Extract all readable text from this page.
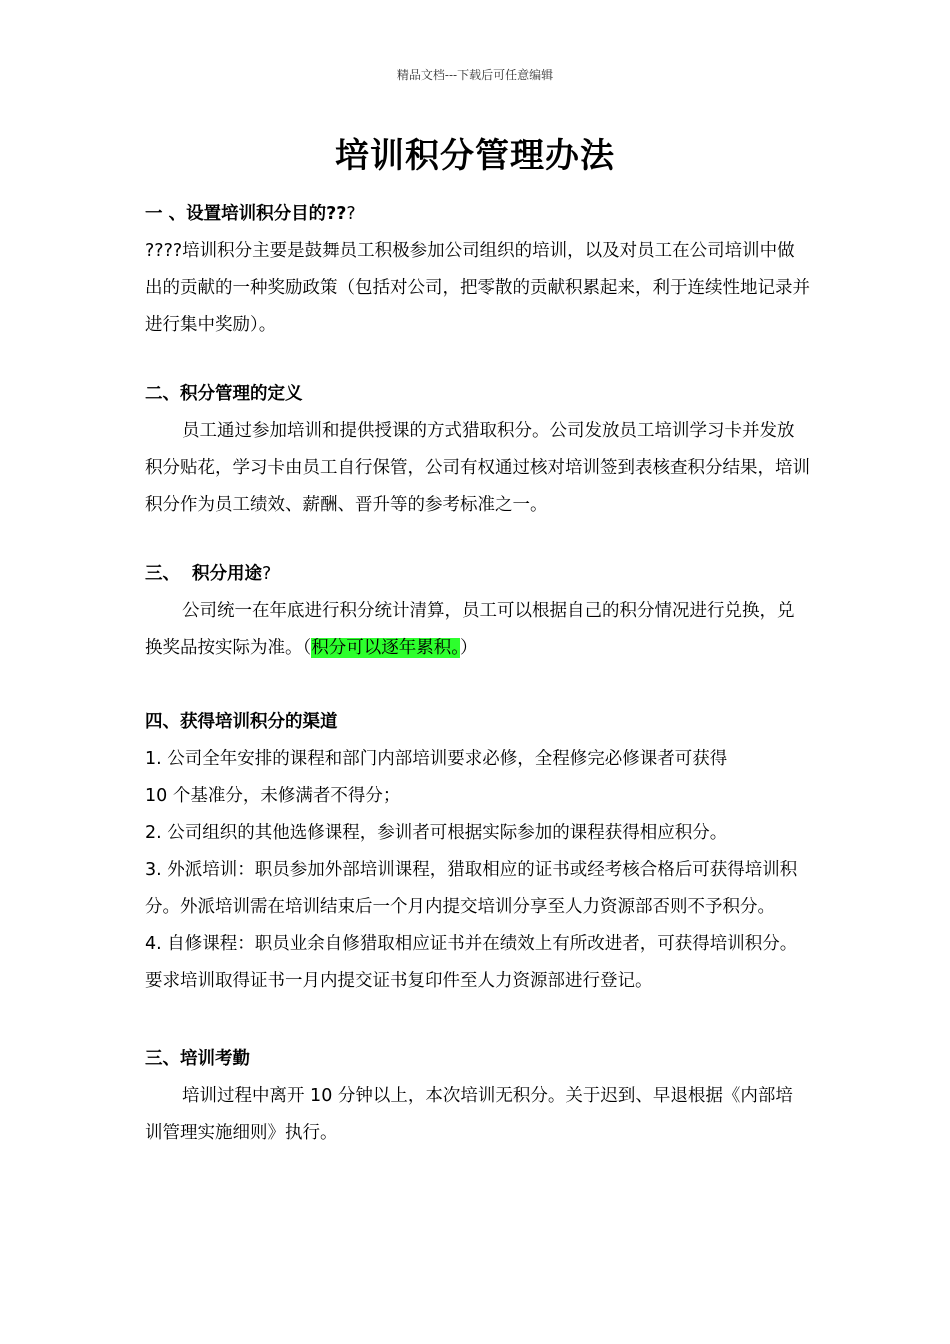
精品文档---下载后可任意编辑
培训积分管理办法
一 、设置培训积分目的???

????培训积分主要是鼓舞员工积极参加公司组织的培训，以及对员工在公司培训中做出的贡献的一种奖励政策（包括对公司，把零散的贡献积累起来，利于连续性地记录并进行集中奖励）。

二、积分管理的定义

员工通过参加培训和提供授课的方式猎取积分。公司发放员工培训学习卡并发放积分贴花，学习卡由员工自行保管，公司有权通过核对培训签到表核查积分结果，培训积分作为员工绩效、薪酬、晋升等的参考标准之一。

三、 积分用途?

公司统一在年底进行积分统计清算，员工可以根据自己的积分情况进行兑换，兑换奖品按实际为准。（积分可以逐年累积。）

四、获得培训积分的渠道

1. 公司全年安排的课程和部门内部培训要求必修，全程修完必修课者可获得

10 个基准分，未修满者不得分；

2. 公司组织的其他选修课程，参训者可根据实际参加的课程获得相应积分。

3. 外派培训：职员参加外部培训课程，猎取相应的证书或经考核合格后可获得培训积分。外派培训需在培训结束后一个月内提交培训分享至人力资源部否则不予积分。

4. 自修课程：职员业余自修猎取相应证书并在绩效上有所改进者，可获得培训积分。要求培训取得证书一月内提交证书复印件至人力资源部进行登记。

三、培训考勤

培训过程中离开 10 分钟以上，本次培训无积分。关于迟到、早退根据《内部培训管理实施细则》执行。
